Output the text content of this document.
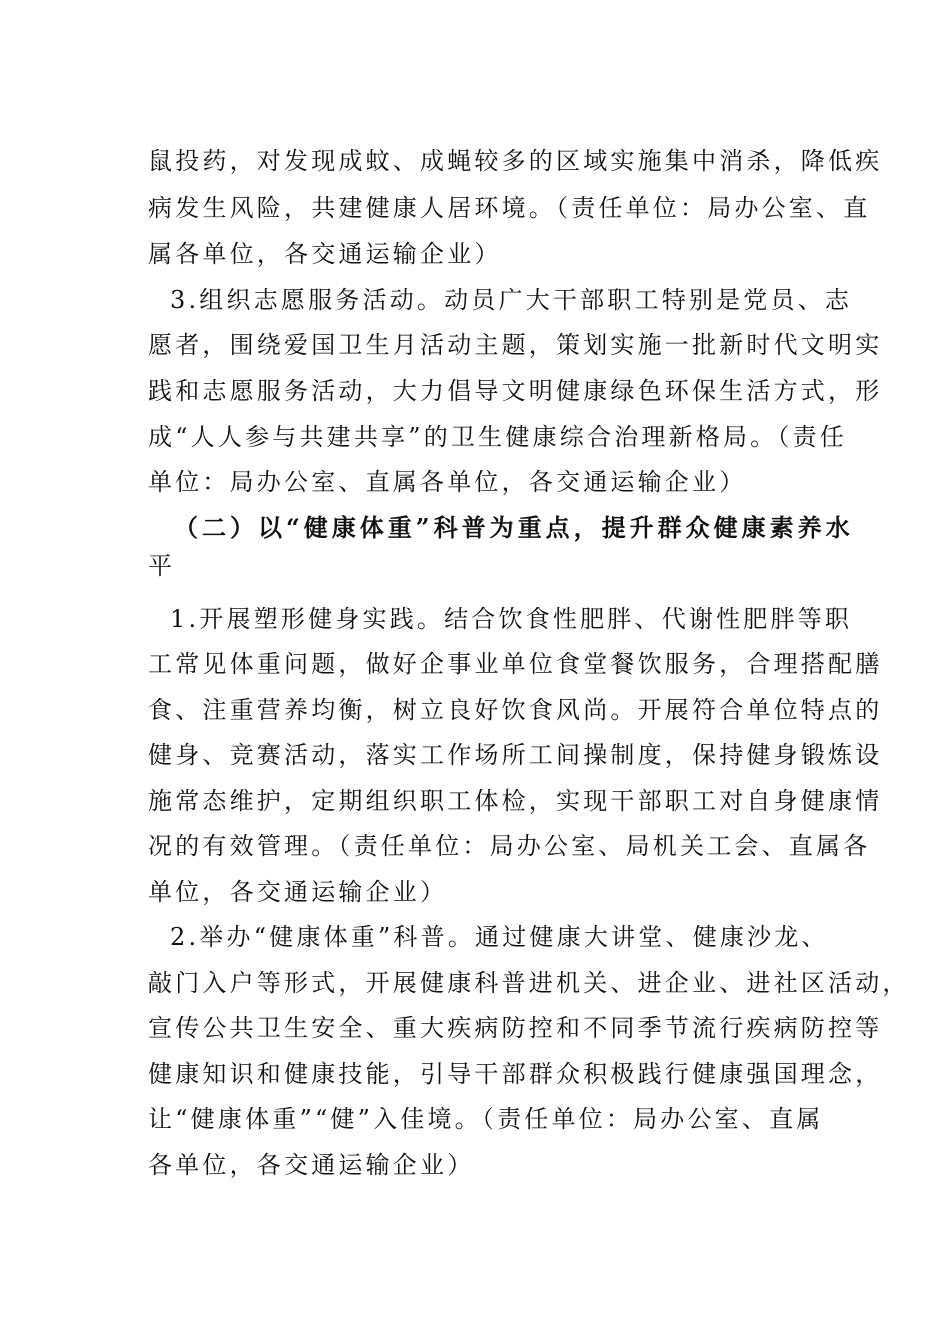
鼠投药，对发现成蚊、成蝇较多的区域实施集中消杀，降低疾
病发生风险，共建健康人居环境。（责任单位：局办公室、直
属各单位，各交通运输企业）
3.组织志愿服务活动。动员广大干部职工特别是党员、志
愿者，围绕爱国卫生月活动主题，策划实施一批新时代文明实
践和志愿服务活动，大力倡导文明健康绿色环保生活方式，形
成“人人参与共建共享”的卫生健康综合治理新格局。（责任
单位：局办公室、直属各单位，各交通运输企业）
（二）以“健康体重”科普为重点，提升群众健康素养水
平
1.开展塑形健身实践。结合饮食性肥胖、代谢性肥胖等职
工常见体重问题，做好企事业单位食堂餐饮服务，合理搭配膳
食、注重营养均衡，树立良好饮食风尚。开展符合单位特点的
健身、竞赛活动，落实工作场所工间操制度，保持健身锻炼设
施常态维护，定期组织职工体检，实现干部职工对自身健康情
况的有效管理。（责任单位：局办公室、局机关工会、直属各
单位，各交通运输企业）
2.举办“健康体重”科普。通过健康大讲堂、健康沙龙、
敲门入户等形式，开展健康科普进机关、进企业、进社区活动，
宣传公共卫生安全、重大疾病防控和不同季节流行疾病防控等
健康知识和健康技能，引导干部群众积极践行健康强国理念，
让“健康体重”“健”入佳境。（责任单位：局办公室、直属
各单位，各交通运输企业）
